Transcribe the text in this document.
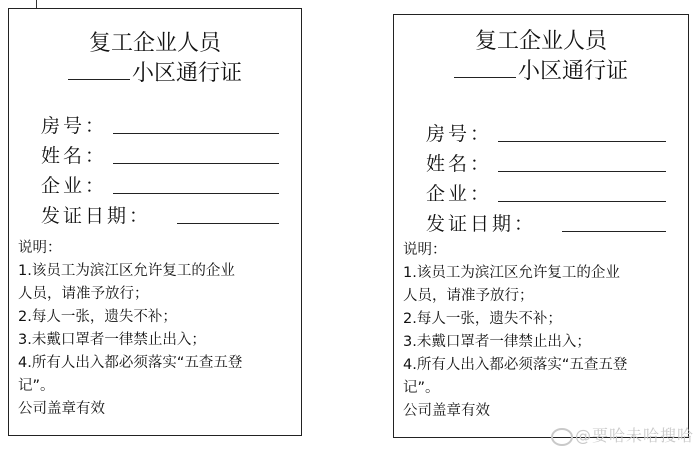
复工企业人员
小区通行证
房号：
姓名：
企业：
发证日期：
说明：
1.该员工为滨江区允许复工的企业
人员，请准予放行；
2.每人一张，遗失不补；
3.未戴口罩者一律禁止出入；
4.所有人出入都必须落实“五查五登
记”。
公司盖章有效
复工企业人员
小区通行证
房号：
姓名：
企业：
发证日期：
说明：
1.该员工为滨江区允许复工的企业
人员，请准予放行；
2.每人一张，遗失不补；
3.未戴口罩者一律禁止出入；
4.所有人出入都必须落实“五查五登
记”。
公司盖章有效
@要哈未哈搜哈
